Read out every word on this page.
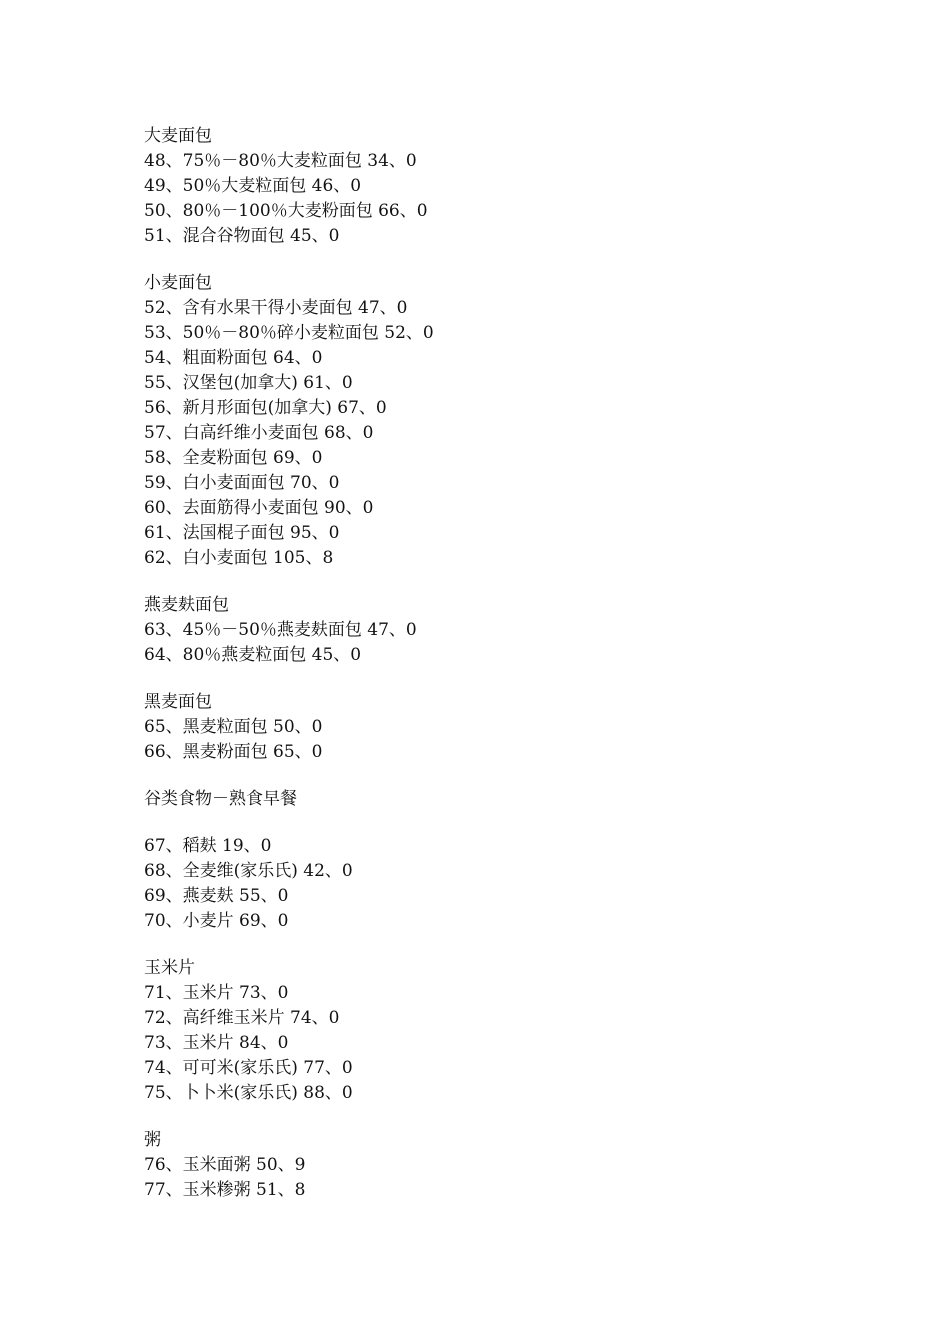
大麦面包
48、75％－80％大麦粒面包 34、0
49、50％大麦粒面包 46、0
50、80％－100％大麦粉面包 66、0
51、混合谷物面包 45、0
小麦面包
52、含有水果干得小麦面包 47、0
53、50％－80％碎小麦粒面包 52、0
54、粗面粉面包 64、0
55、汉堡包(加拿大) 61、0
56、新月形面包(加拿大) 67、0
57、白高纤维小麦面包 68、0
58、全麦粉面包 69、0
59、白小麦面面包 70、0
60、去面筋得小麦面包 90、0
61、法国棍子面包 95、0
62、白小麦面包 105、8
燕麦麸面包
63、45％－50％燕麦麸面包 47、0
64、80％燕麦粒面包 45、0
黑麦面包
65、黑麦粒面包 50、0
66、黑麦粉面包 65、0
谷类食物－熟食早餐
67、稻麸 19、0
68、全麦维(家乐氏) 42、0
69、燕麦麸 55、0
70、小麦片 69、0
玉米片
71、玉米片 73、0
72、高纤维玉米片 74、0
73、玉米片 84、0
74、可可米(家乐氏) 77、0
75、卜卜米(家乐氏) 88、0
粥
76、玉米面粥 50、9
77、玉米糁粥 51、8
